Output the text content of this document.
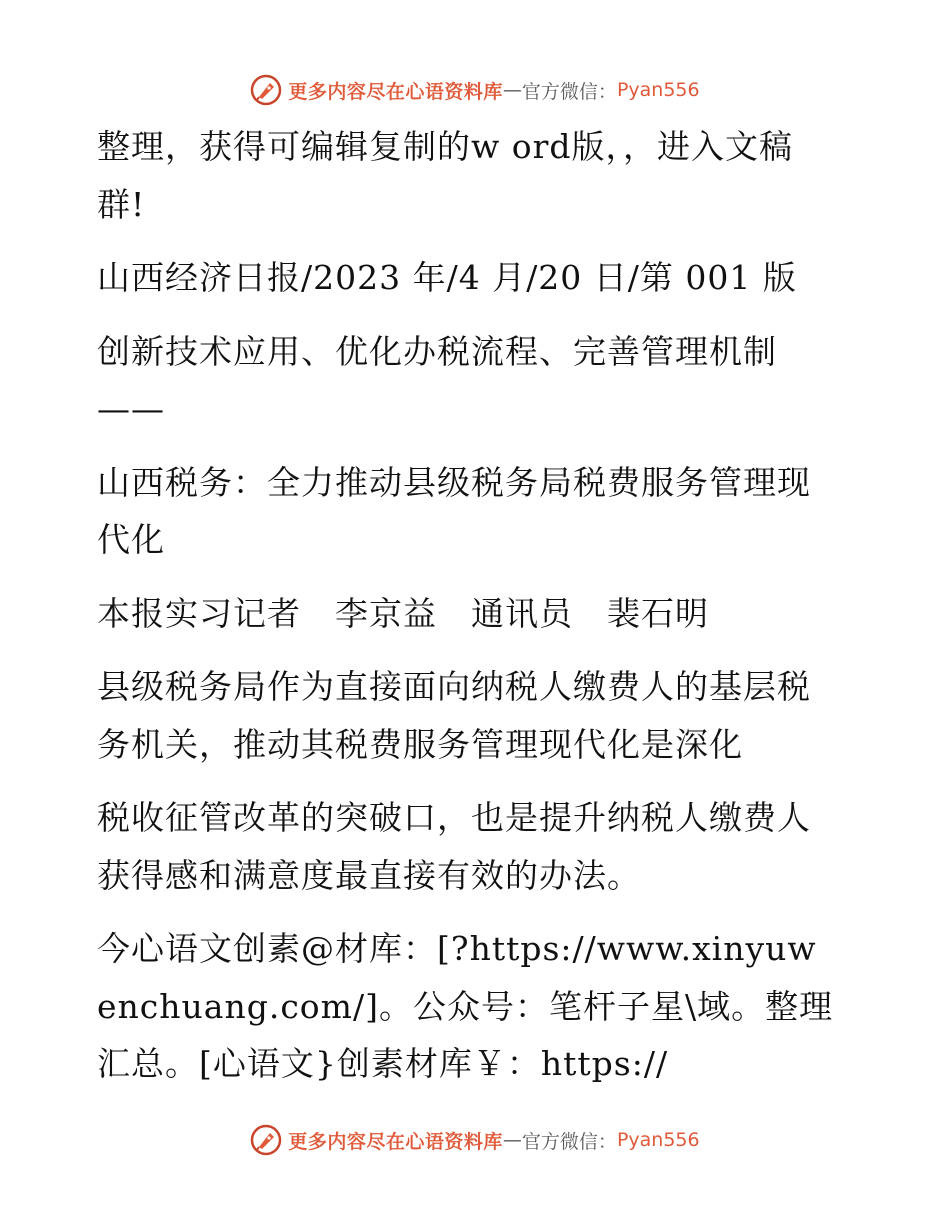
更多内容尽在心语资料库 — 官方微信： Pyan556

整理，获得可编辑复制的w ord版，，进入文稿群!

山西经济日报/2023 年/4 月/20 日/第 001 版

创新技术应用、优化办税流程、完善管理机制——

山西税务：全力推动县级税务局税费服务管理现代化

本报实习记者　李京益　通讯员　裴石明

县级税务局作为直接面向纳税人缴费人的基层税务机关，推动其税费服务管理现代化是深化

税收征管改革的突破口，也是提升纳税人缴费人获得感和满意度最直接有效的办法。

今心语文创素@材库：[?https://www.xinyuwenchuang.com/]。公众号：笔杆子星\域。整理汇总。[心语文}创素材库￥：https://

更多内容尽在心语资料库 — 官方微信： Pyan556
